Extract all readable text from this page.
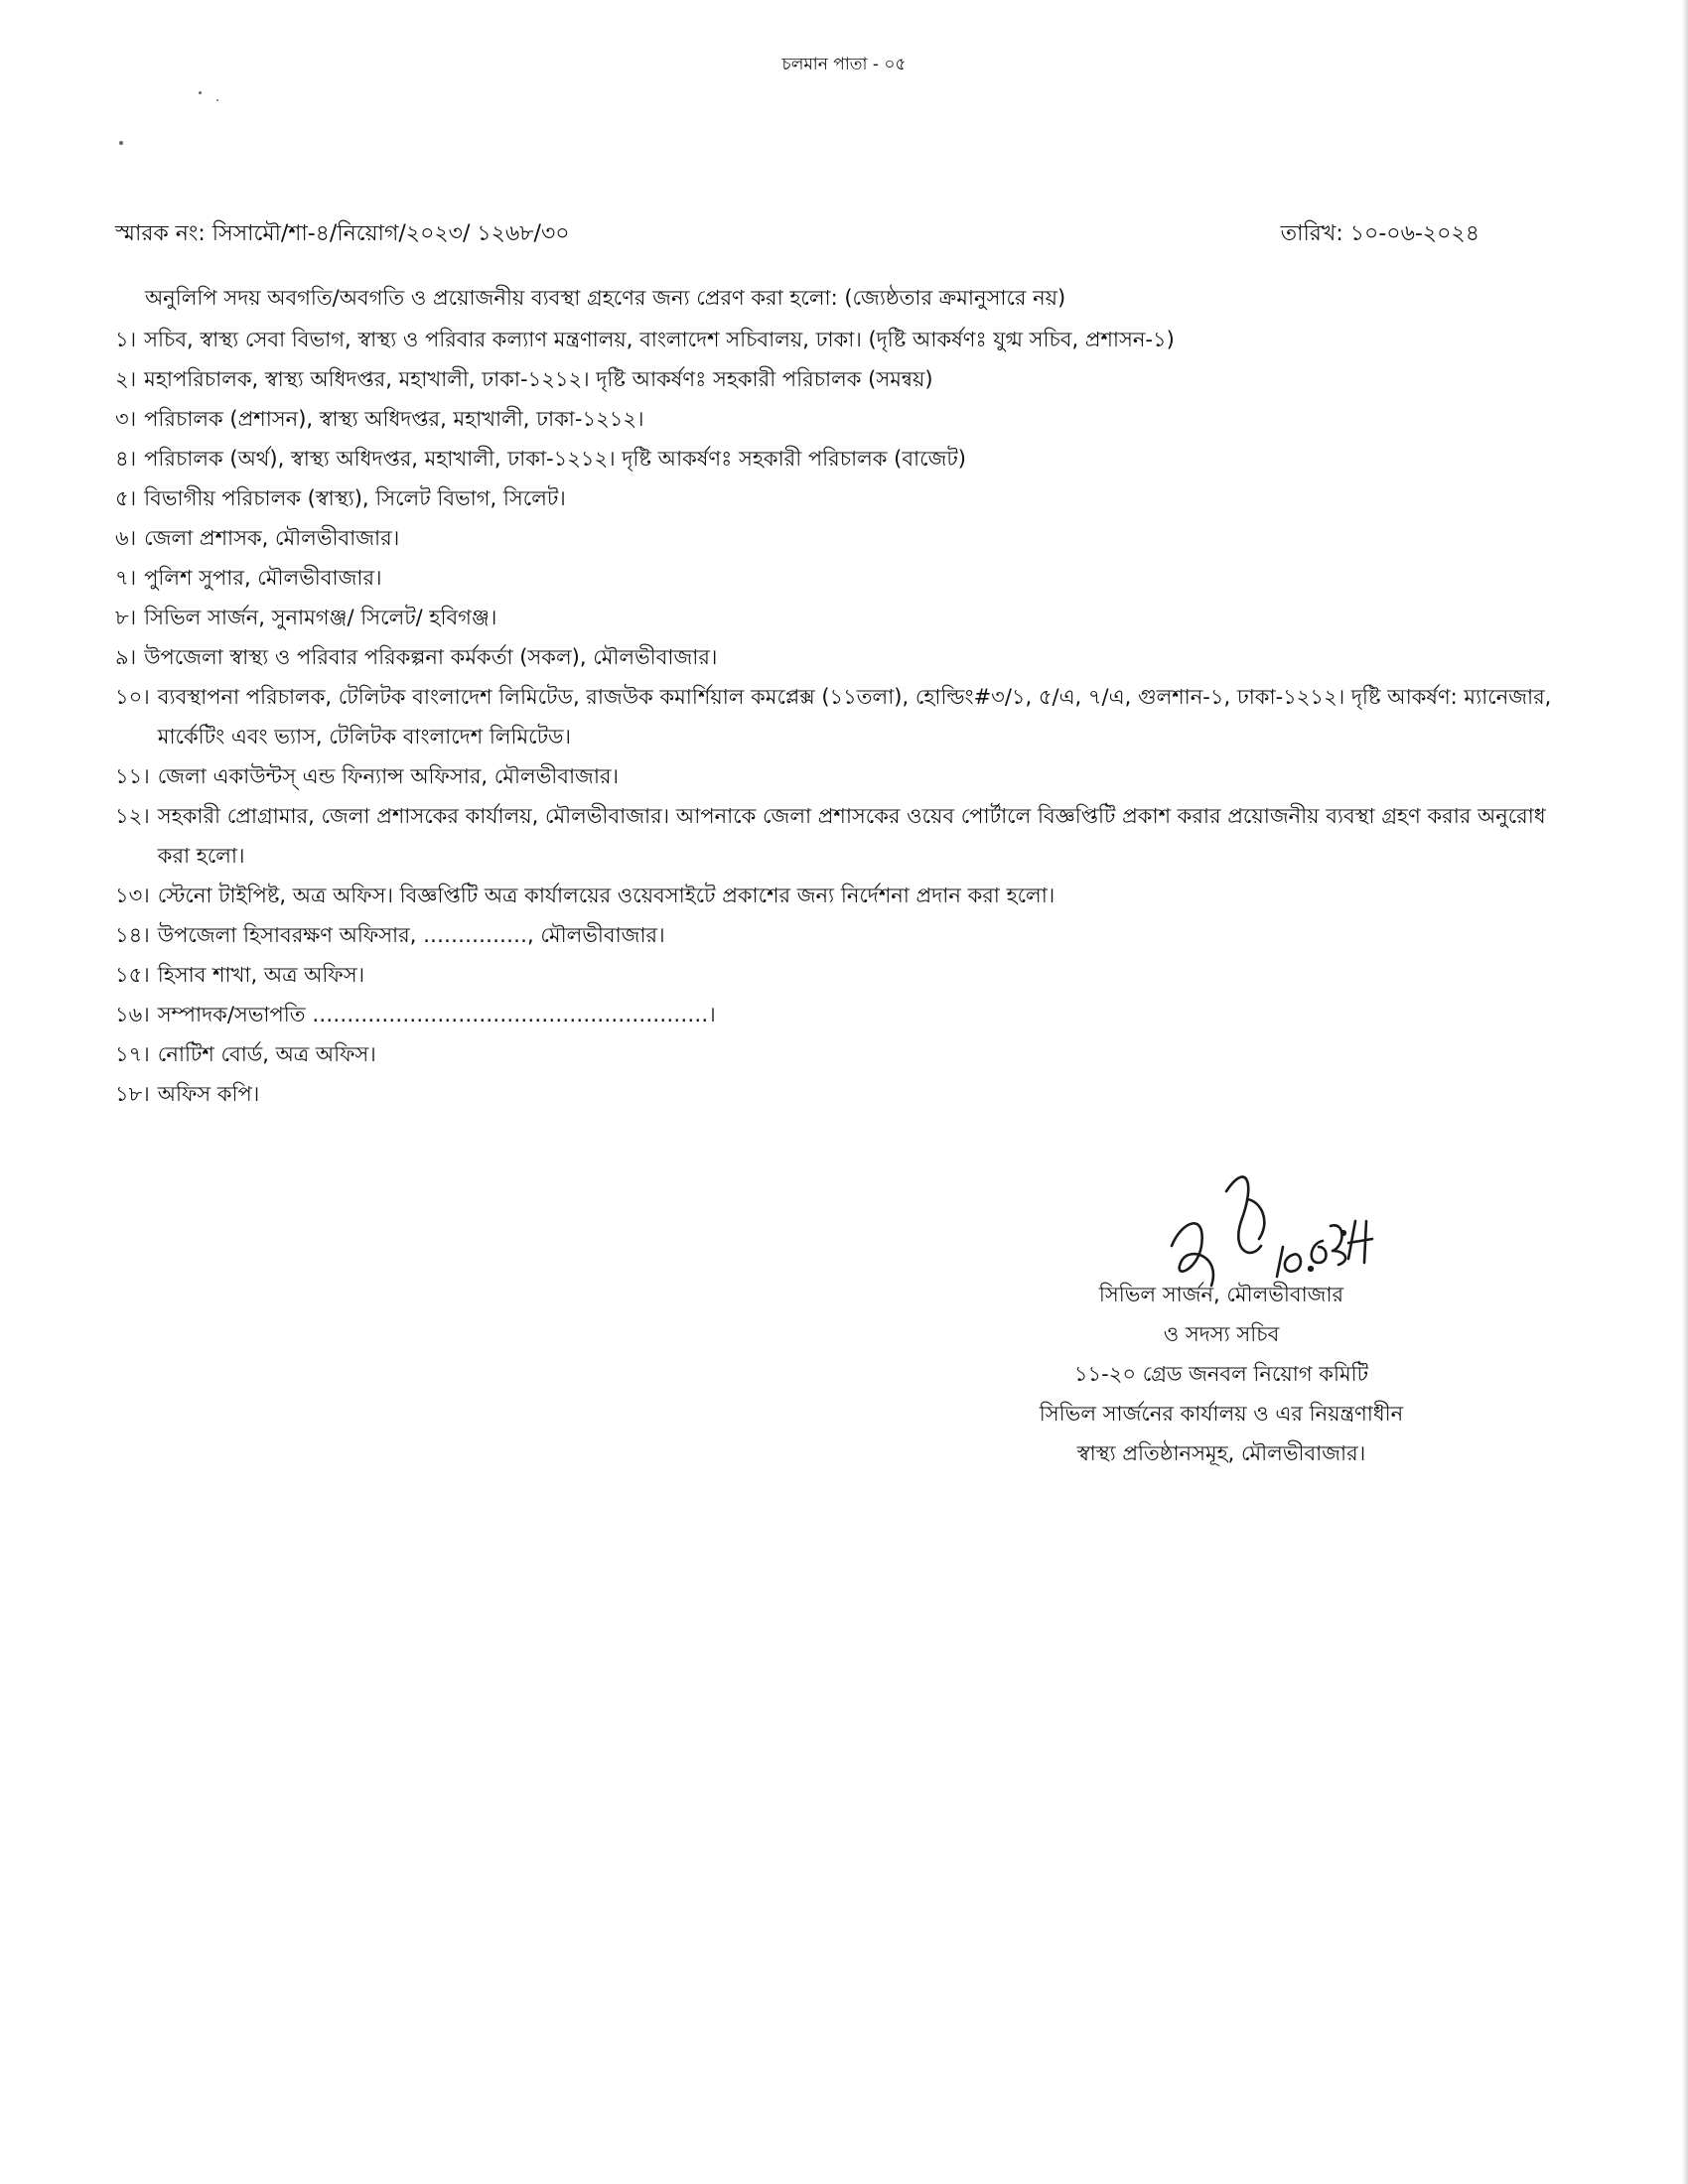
চলমান পাতা - ০৫
স্মারক নং: সিসামৌ/শা-৪/নিয়োগ/২০২৩/ ১২৬৮/৩০	তারিখ: ১০-০৬-২০২৪
অনুলিপি সদয় অবগতি/অবগতি ও প্রয়োজনীয় ব্যবস্থা গ্রহণের জন্য প্রেরণ করা হলো: (জ্যেষ্ঠতার ক্রমানুসারে নয়)
১। সচিব, স্বাস্থ্য সেবা বিভাগ, স্বাস্থ্য ও পরিবার কল্যাণ মন্ত্রণালয়, বাংলাদেশ সচিবালয়, ঢাকা। (দৃষ্টি আকর্ষণঃ যুগ্ম সচিব, প্রশাসন-১)
২। মহাপরিচালক, স্বাস্থ্য অধিদপ্তর, মহাখালী, ঢাকা-১২১২। দৃষ্টি আকর্ষণঃ সহকারী পরিচালক (সমন্বয়)
৩। পরিচালক (প্রশাসন), স্বাস্থ্য অধিদপ্তর, মহাখালী, ঢাকা-১২১২।
৪। পরিচালক (অর্থ), স্বাস্থ্য অধিদপ্তর, মহাখালী, ঢাকা-১২১২। দৃষ্টি আকর্ষণঃ সহকারী পরিচালক (বাজেট)
৫। বিভাগীয় পরিচালক (স্বাস্থ্য), সিলেট বিভাগ, সিলেট।
৬। জেলা প্রশাসক, মৌলভীবাজার।
৭। পুলিশ সুপার, মৌলভীবাজার।
৮। সিভিল সার্জন, সুনামগঞ্জ/ সিলেট/ হবিগঞ্জ।
৯। উপজেলা স্বাস্থ্য ও পরিবার পরিকল্পনা কর্মকর্তা (সকল), মৌলভীবাজার।
১০। ব্যবস্থাপনা পরিচালক, টেলিটক বাংলাদেশ লিমিটেড, রাজউক কমার্শিয়াল কমপ্লেক্স (১১তলা), হোল্ডিং#৩/১, ৫/এ, ৭/এ, গুলশান-১, ঢাকা-১২১২। দৃষ্টি আকর্ষণ: ম্যানেজার, মার্কেটিং এবং ভ্যাস, টেলিটক বাংলাদেশ লিমিটেড।
১১। জেলা একাউন্টস্ এন্ড ফিন্যান্স অফিসার, মৌলভীবাজার।
১২। সহকারী প্রোগ্রামার, জেলা প্রশাসকের কার্যালয়, মৌলভীবাজার। আপনাকে জেলা প্রশাসকের ওয়েব পোর্টালে বিজ্ঞপ্তিটি প্রকাশ করার প্রয়োজনীয় ব্যবস্থা গ্রহণ করার অনুরোধ করা হলো।
১৩। স্টেনো টাইপিষ্ট, অত্র অফিস। বিজ্ঞপ্তিটি অত্র কার্যালয়ের ওয়েবসাইটে প্রকাশের জন্য নির্দেশনা প্রদান করা হলো।
১৪। উপজেলা হিসাবরক্ষণ অফিসার, ……………, মৌলভীবাজার।
১৫। হিসাব শাখা, অত্র অফিস।
১৬। সম্পাদক/সভাপতি …………………………………………………।
১৭। নোটিশ বোর্ড, অত্র অফিস।
১৮। অফিস কপি।
সিভিল সার্জন, মৌলভীবাজার
ও সদস্য সচিব
১১-২০ গ্রেড জনবল নিয়োগ কমিটি
সিভিল সার্জনের কার্যালয় ও এর নিয়ন্ত্রণাধীন
স্বাস্থ্য প্রতিষ্ঠানসমূহ, মৌলভীবাজার।
